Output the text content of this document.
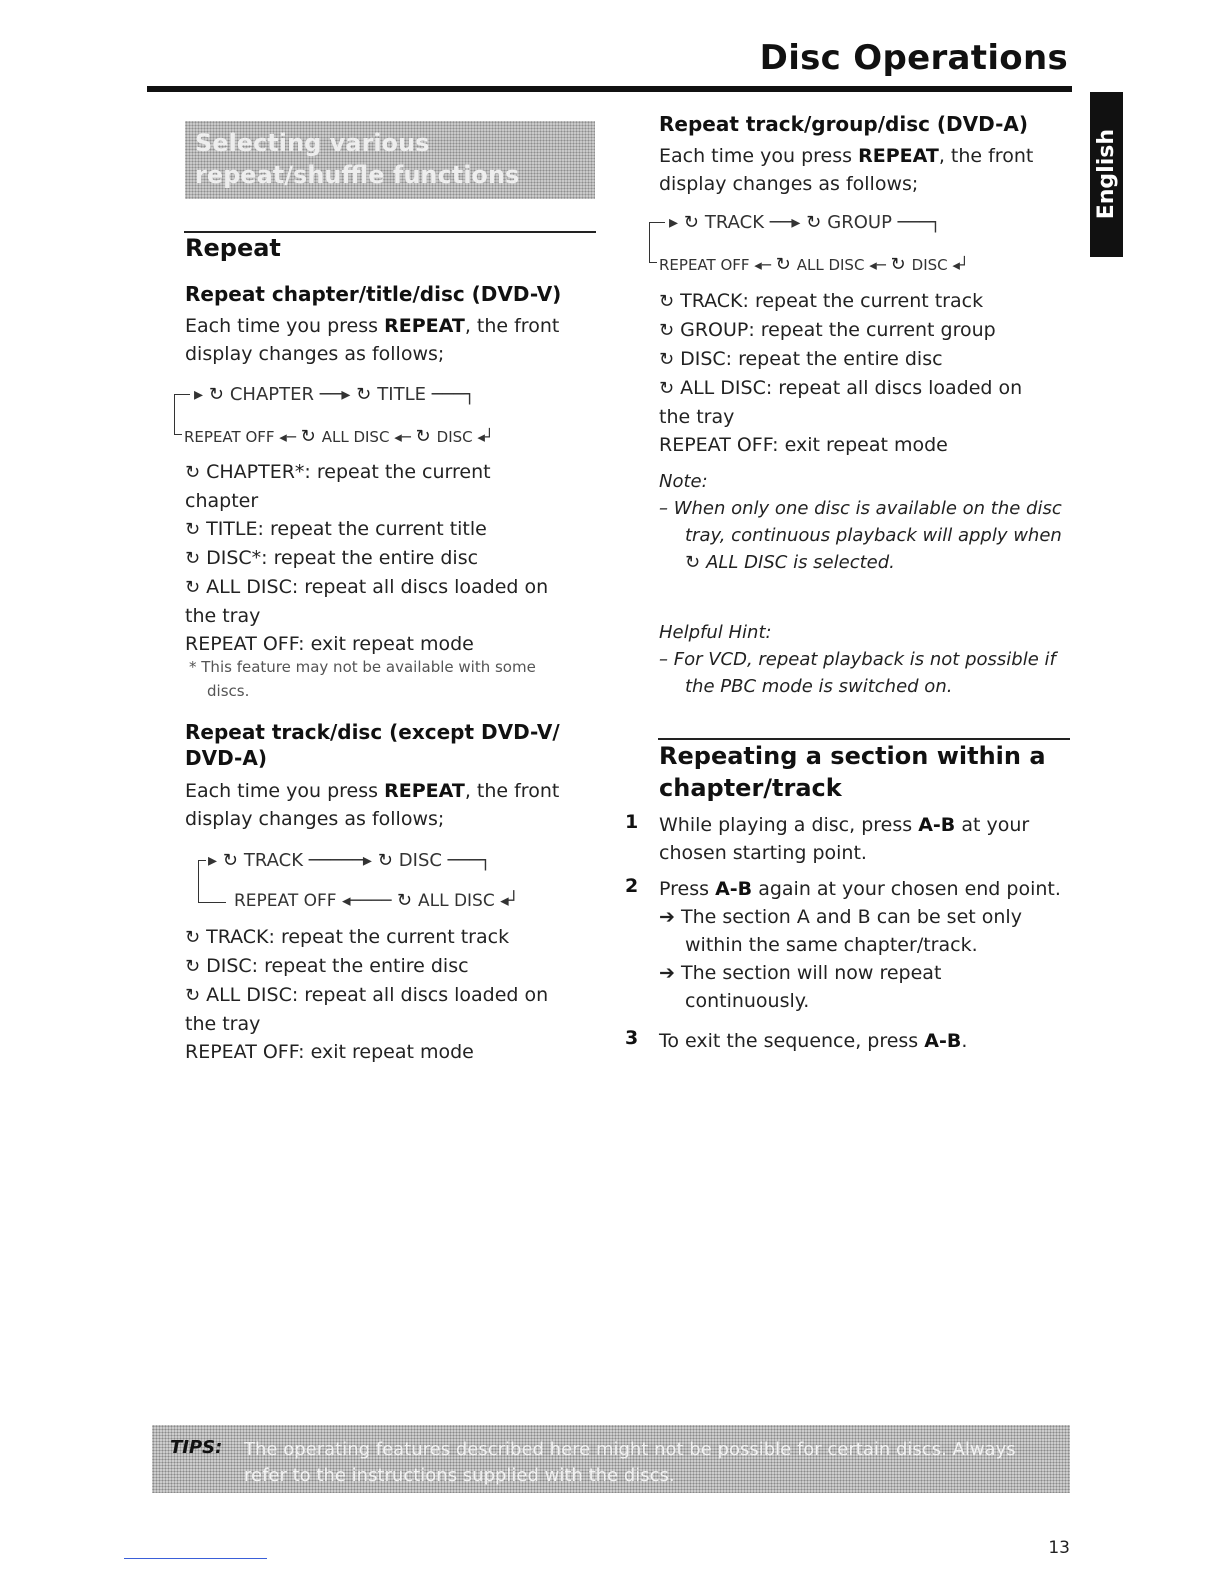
Disc Operations
English
Selecting various repeat/shuffle functions
Repeat
Repeat chapter/title/disc (DVD-V)
Each time you press REPEAT, the front
display changes as follows;
▸ ↻ CHAPTER ──▸ ↻ TITLE ───┐
REPEAT OFF ◂─ ↻ ALL DISC ◂─ ↻ DISC ◂┘
↻ CHAPTER*: repeat the current
chapter
↻ TITLE: repeat the current title
↻ DISC*: repeat the entire disc
↻ ALL DISC: repeat all discs loaded on
the tray
REPEAT OFF: exit repeat mode
* This feature may not be available with some
discs.
Repeat track/disc (except DVD-V/
DVD-A)
Each time you press REPEAT, the front
display changes as follows;
▸ ↻ TRACK ─────▸ ↻ DISC ───┐
REPEAT OFF ◂──── ↻ ALL DISC ◂┘
↻ TRACK: repeat the current track
↻ DISC: repeat the entire disc
↻ ALL DISC: repeat all discs loaded on
the tray
REPEAT OFF: exit repeat mode
Repeat track/group/disc (DVD-A)
Each time you press REPEAT, the front
display changes as follows;
▸ ↻ TRACK ──▸ ↻ GROUP ───┐
REPEAT OFF ◂─ ↻ ALL DISC ◂─ ↻ DISC ◂┘
↻ TRACK: repeat the current track
↻ GROUP: repeat the current group
↻ DISC: repeat the entire disc
↻ ALL DISC: repeat all discs loaded on
the tray
REPEAT OFF: exit repeat mode
Note:
– When only one disc is available on the disc
tray, continuous playback will apply when
↻ ALL DISC is selected.
Helpful Hint:
– For VCD, repeat playback is not possible if
the PBC mode is switched on.
Repeating a section within a
chapter/track
1 While playing a disc, press A-B at your
chosen starting point.
2 Press A-B again at your chosen end point.
➔ The section A and B can be set only
within the same chapter/track.
➔ The section will now repeat
continuously.
3 To exit the sequence, press A-B.
TIPS: The operating features described here might not be possible for certain discs. Always refer to the instructions supplied with the discs.
13
